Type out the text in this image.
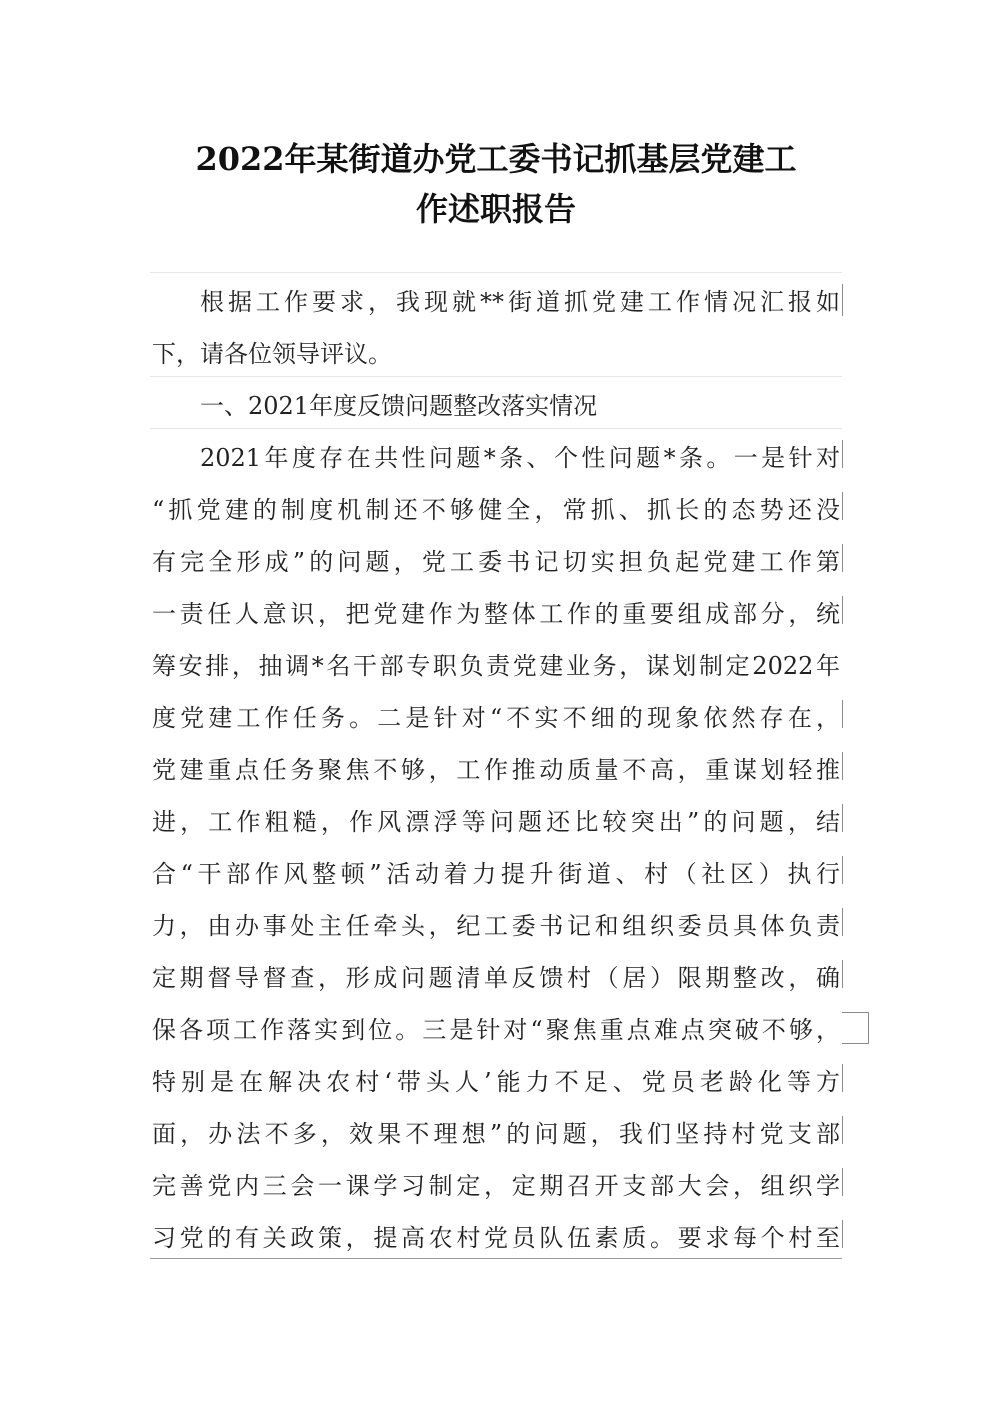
2022年某街道办党工委书记抓基层党建工
作述职报告
根据工作要求，我现就**街道抓党建工作情况汇报如
下，请各位领导评议。
一、2021年度反馈问题整改落实情况
2021年度存在共性问题*条、个性问题*条。一是针对
“抓党建的制度机制还不够健全，常抓、抓长的态势还没
有完全形成”的问题，党工委书记切实担负起党建工作第
一责任人意识，把党建作为整体工作的重要组成部分，统
筹安排，抽调*名干部专职负责党建业务，谋划制定2022年
度党建工作任务。二是针对“不实不细的现象依然存在，
党建重点任务聚焦不够，工作推动质量不高，重谋划轻推
进，工作粗糙，作风漂浮等问题还比较突出”的问题，结
合“干部作风整顿”活动着力提升街道、村（社区）执行
力，由办事处主任牵头，纪工委书记和组织委员具体负责
定期督导督查，形成问题清单反馈村（居）限期整改，确
保各项工作落实到位。三是针对“聚焦重点难点突破不够，
特别是在解决农村‘带头人’能力不足、党员老龄化等方
面，办法不多，效果不理想”的问题，我们坚持村党支部
完善党内三会一课学习制定，定期召开支部大会，组织学
习党的有关政策，提高农村党员队伍素质。要求每个村至
